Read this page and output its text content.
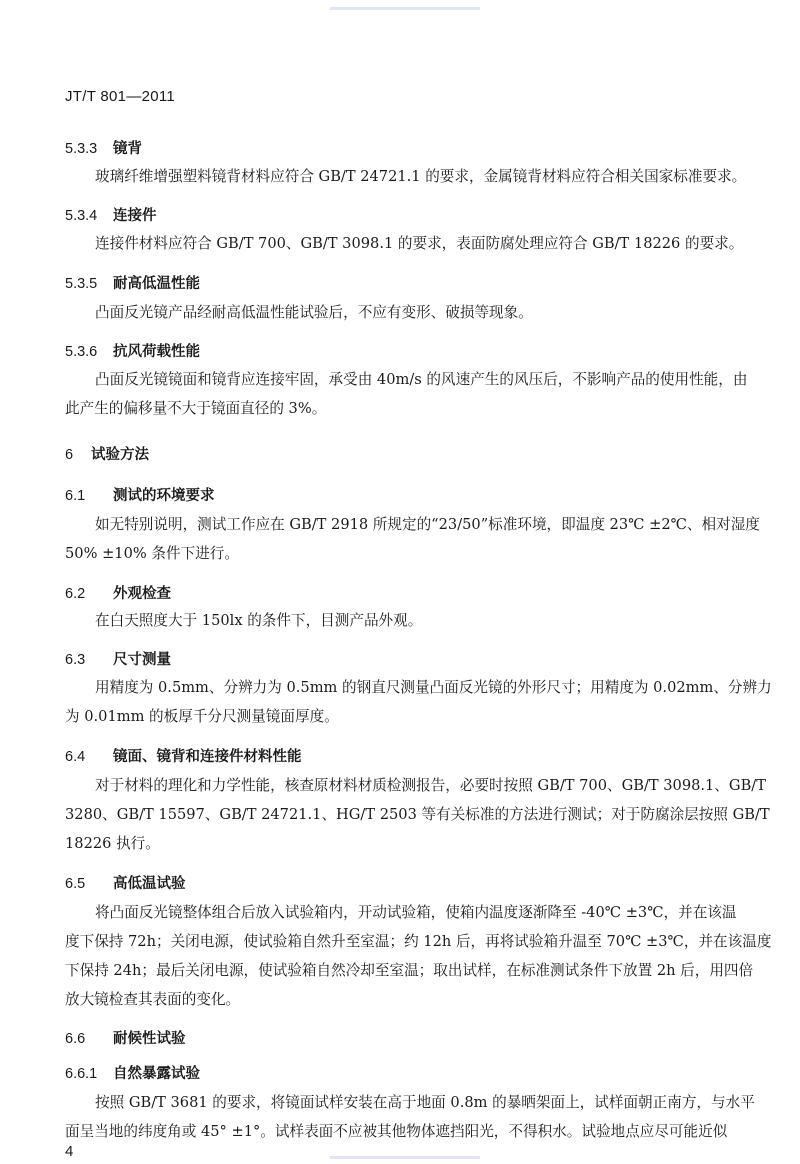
JT/T 801—2011
5.3.3 镜背
玻璃纤维增强塑料镜背材料应符合 GB/T 24721.1 的要求，金属镜背材料应符合相关国家标准要求。
5.3.4 连接件
连接件材料应符合 GB/T 700、GB/T 3098.1 的要求，表面防腐处理应符合 GB/T 18226 的要求。
5.3.5 耐高低温性能
凸面反光镜产品经耐高低温性能试验后，不应有变形、破损等现象。
5.3.6 抗风荷载性能
凸面反光镜镜面和镜背应连接牢固，承受由 40m/s 的风速产生的风压后，不影响产品的使用性能，由
此产生的偏移量不大于镜面直径的 3%。
6 试验方法
6.1 测试的环境要求
如无特别说明，测试工作应在 GB/T 2918 所规定的“23/50”标准环境，即温度 23℃ ±2℃、相对湿度
50% ±10% 条件下进行。
6.2 外观检查
在白天照度大于 150lx 的条件下，目测产品外观。
6.3 尺寸测量
用精度为 0.5mm、分辨力为 0.5mm 的钢直尺测量凸面反光镜的外形尺寸；用精度为 0.02mm、分辨力
为 0.01mm 的板厚千分尺测量镜面厚度。
6.4 镜面、镜背和连接件材料性能
对于材料的理化和力学性能，核查原材料材质检测报告，必要时按照 GB/T 700、GB/T 3098.1、GB/T
3280、GB/T 15597、GB/T 24721.1、HG/T 2503 等有关标准的方法进行测试；对于防腐涂层按照 GB/T
18226 执行。
6.5 高低温试验
将凸面反光镜整体组合后放入试验箱内，开动试验箱，使箱内温度逐渐降至 -40℃ ±3℃，并在该温
度下保持 72h；关闭电源，使试验箱自然升至室温；约 12h 后，再将试验箱升温至 70℃ ±3℃，并在该温度
下保持 24h；最后关闭电源，使试验箱自然冷却至室温；取出试样，在标准测试条件下放置 2h 后，用四倍
放大镜检查其表面的变化。
6.6 耐候性试验
6.6.1 自然暴露试验
按照 GB/T 3681 的要求，将镜面试样安装在高于地面 0.8m 的暴晒架面上，试样面朝正南方，与水平
面呈当地的纬度角或 45° ±1°。试样表面不应被其他物体遮挡阳光，不得积水。试验地点应尽可能近似
4
